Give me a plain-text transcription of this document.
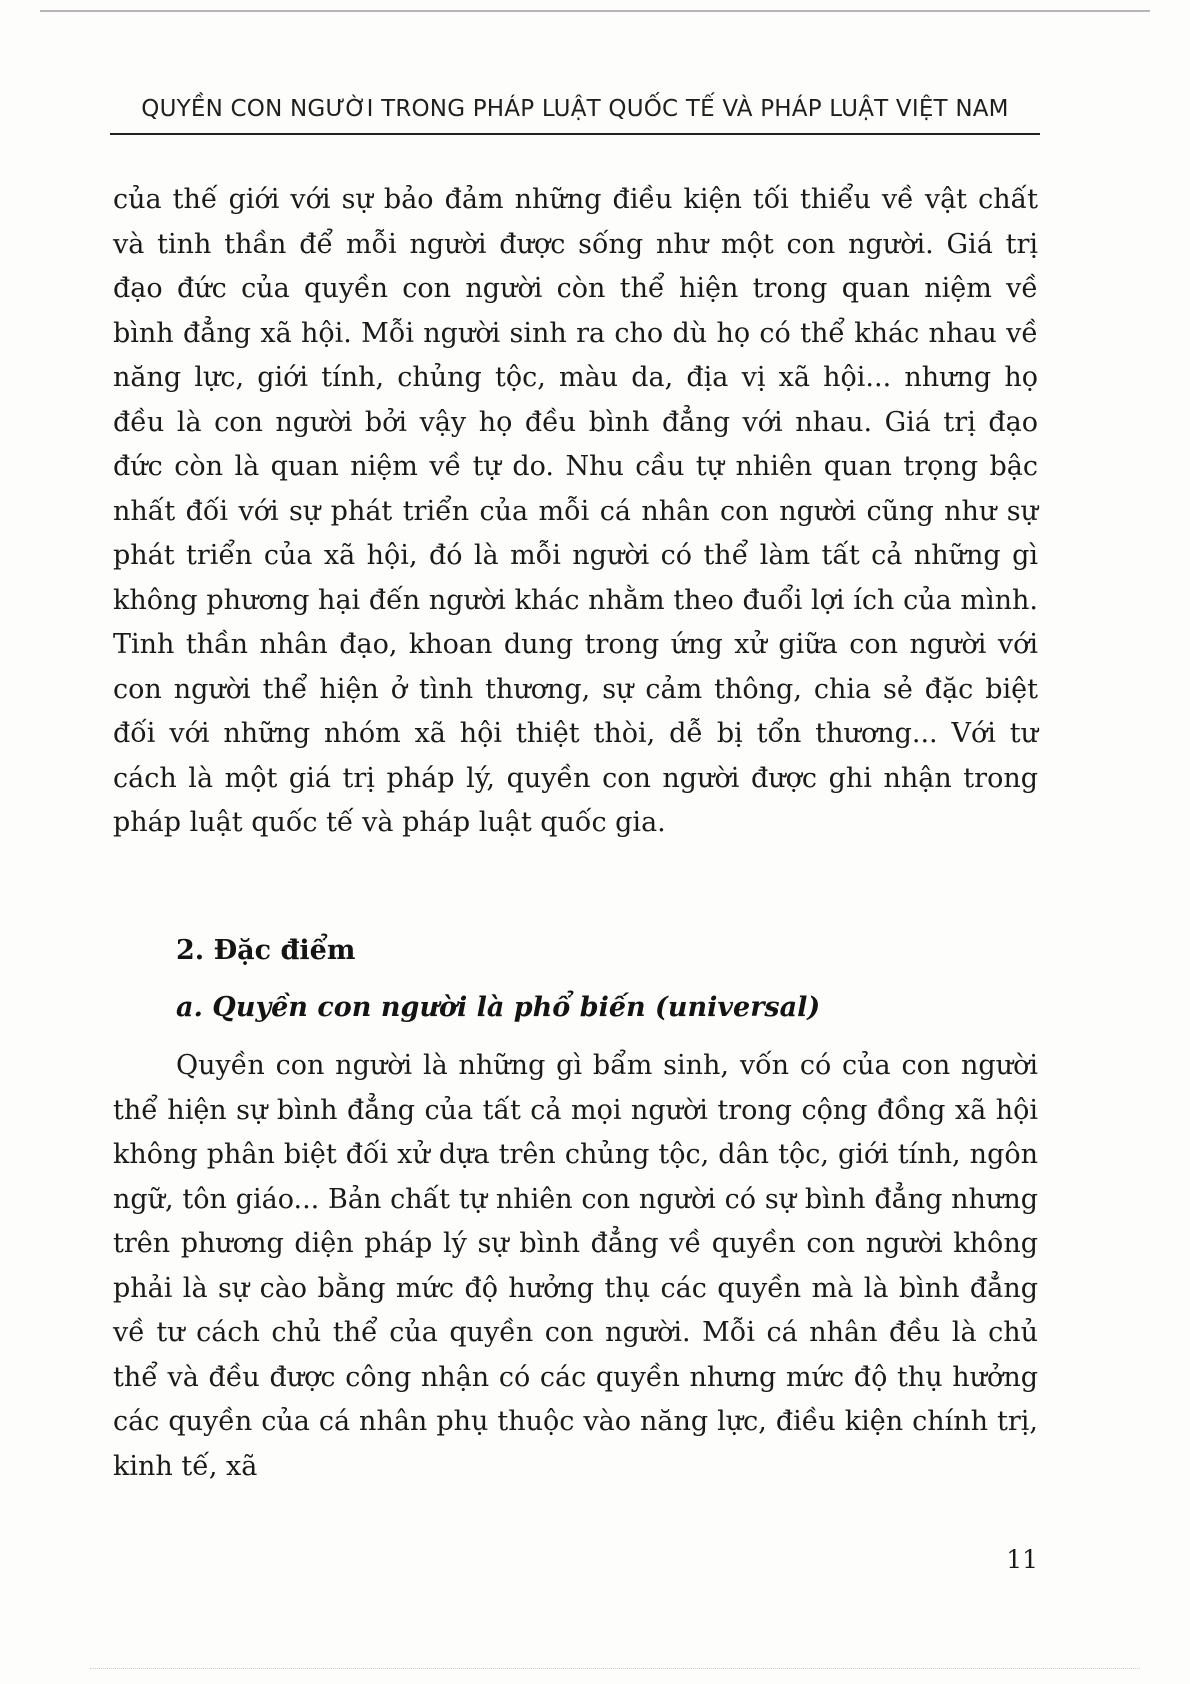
QUYỀN CON NGƯỜI TRONG PHÁP LUẬT QUỐC TẾ VÀ PHÁP LUẬT VIỆT NAM

của thế giới với sự bảo đảm những điều kiện tối thiểu về vật chất và tinh thần để mỗi người được sống như một con người. Giá trị đạo đức của quyền con người còn thể hiện trong quan niệm về bình đẳng xã hội. Mỗi người sinh ra cho dù họ có thể khác nhau về năng lực, giới tính, chủng tộc, màu da, địa vị xã hội... nhưng họ đều là con người bởi vậy họ đều bình đẳng với nhau. Giá trị đạo đức còn là quan niệm về tự do. Nhu cầu tự nhiên quan trọng bậc nhất đối với sự phát triển của mỗi cá nhân con người cũng như sự phát triển của xã hội, đó là mỗi người có thể làm tất cả những gì không phương hại đến người khác nhằm theo đuổi lợi ích của mình. Tinh thần nhân đạo, khoan dung trong ứng xử giữa con người với con người thể hiện ở tình thương, sự cảm thông, chia sẻ đặc biệt đối với những nhóm xã hội thiệt thòi, dễ bị tổn thương... Với tư cách là một giá trị pháp lý, quyền con người được ghi nhận trong pháp luật quốc tế và pháp luật quốc gia.

2. Đặc điểm
a. Quyền con người là phổ biến (universal)

Quyền con người là những gì bẩm sinh, vốn có của con người thể hiện sự bình đẳng của tất cả mọi người trong cộng đồng xã hội không phân biệt đối xử dựa trên chủng tộc, dân tộc, giới tính, ngôn ngữ, tôn giáo... Bản chất tự nhiên con người có sự bình đẳng nhưng trên phương diện pháp lý sự bình đẳng về quyền con người không phải là sự cào bằng mức độ hưởng thụ các quyền mà là bình đẳng về tư cách chủ thể của quyền con người. Mỗi cá nhân đều là chủ thể và đều được công nhận có các quyền nhưng mức độ thụ hưởng các quyền của cá nhân phụ thuộc vào năng lực, điều kiện chính trị, kinh tế, xã

11
